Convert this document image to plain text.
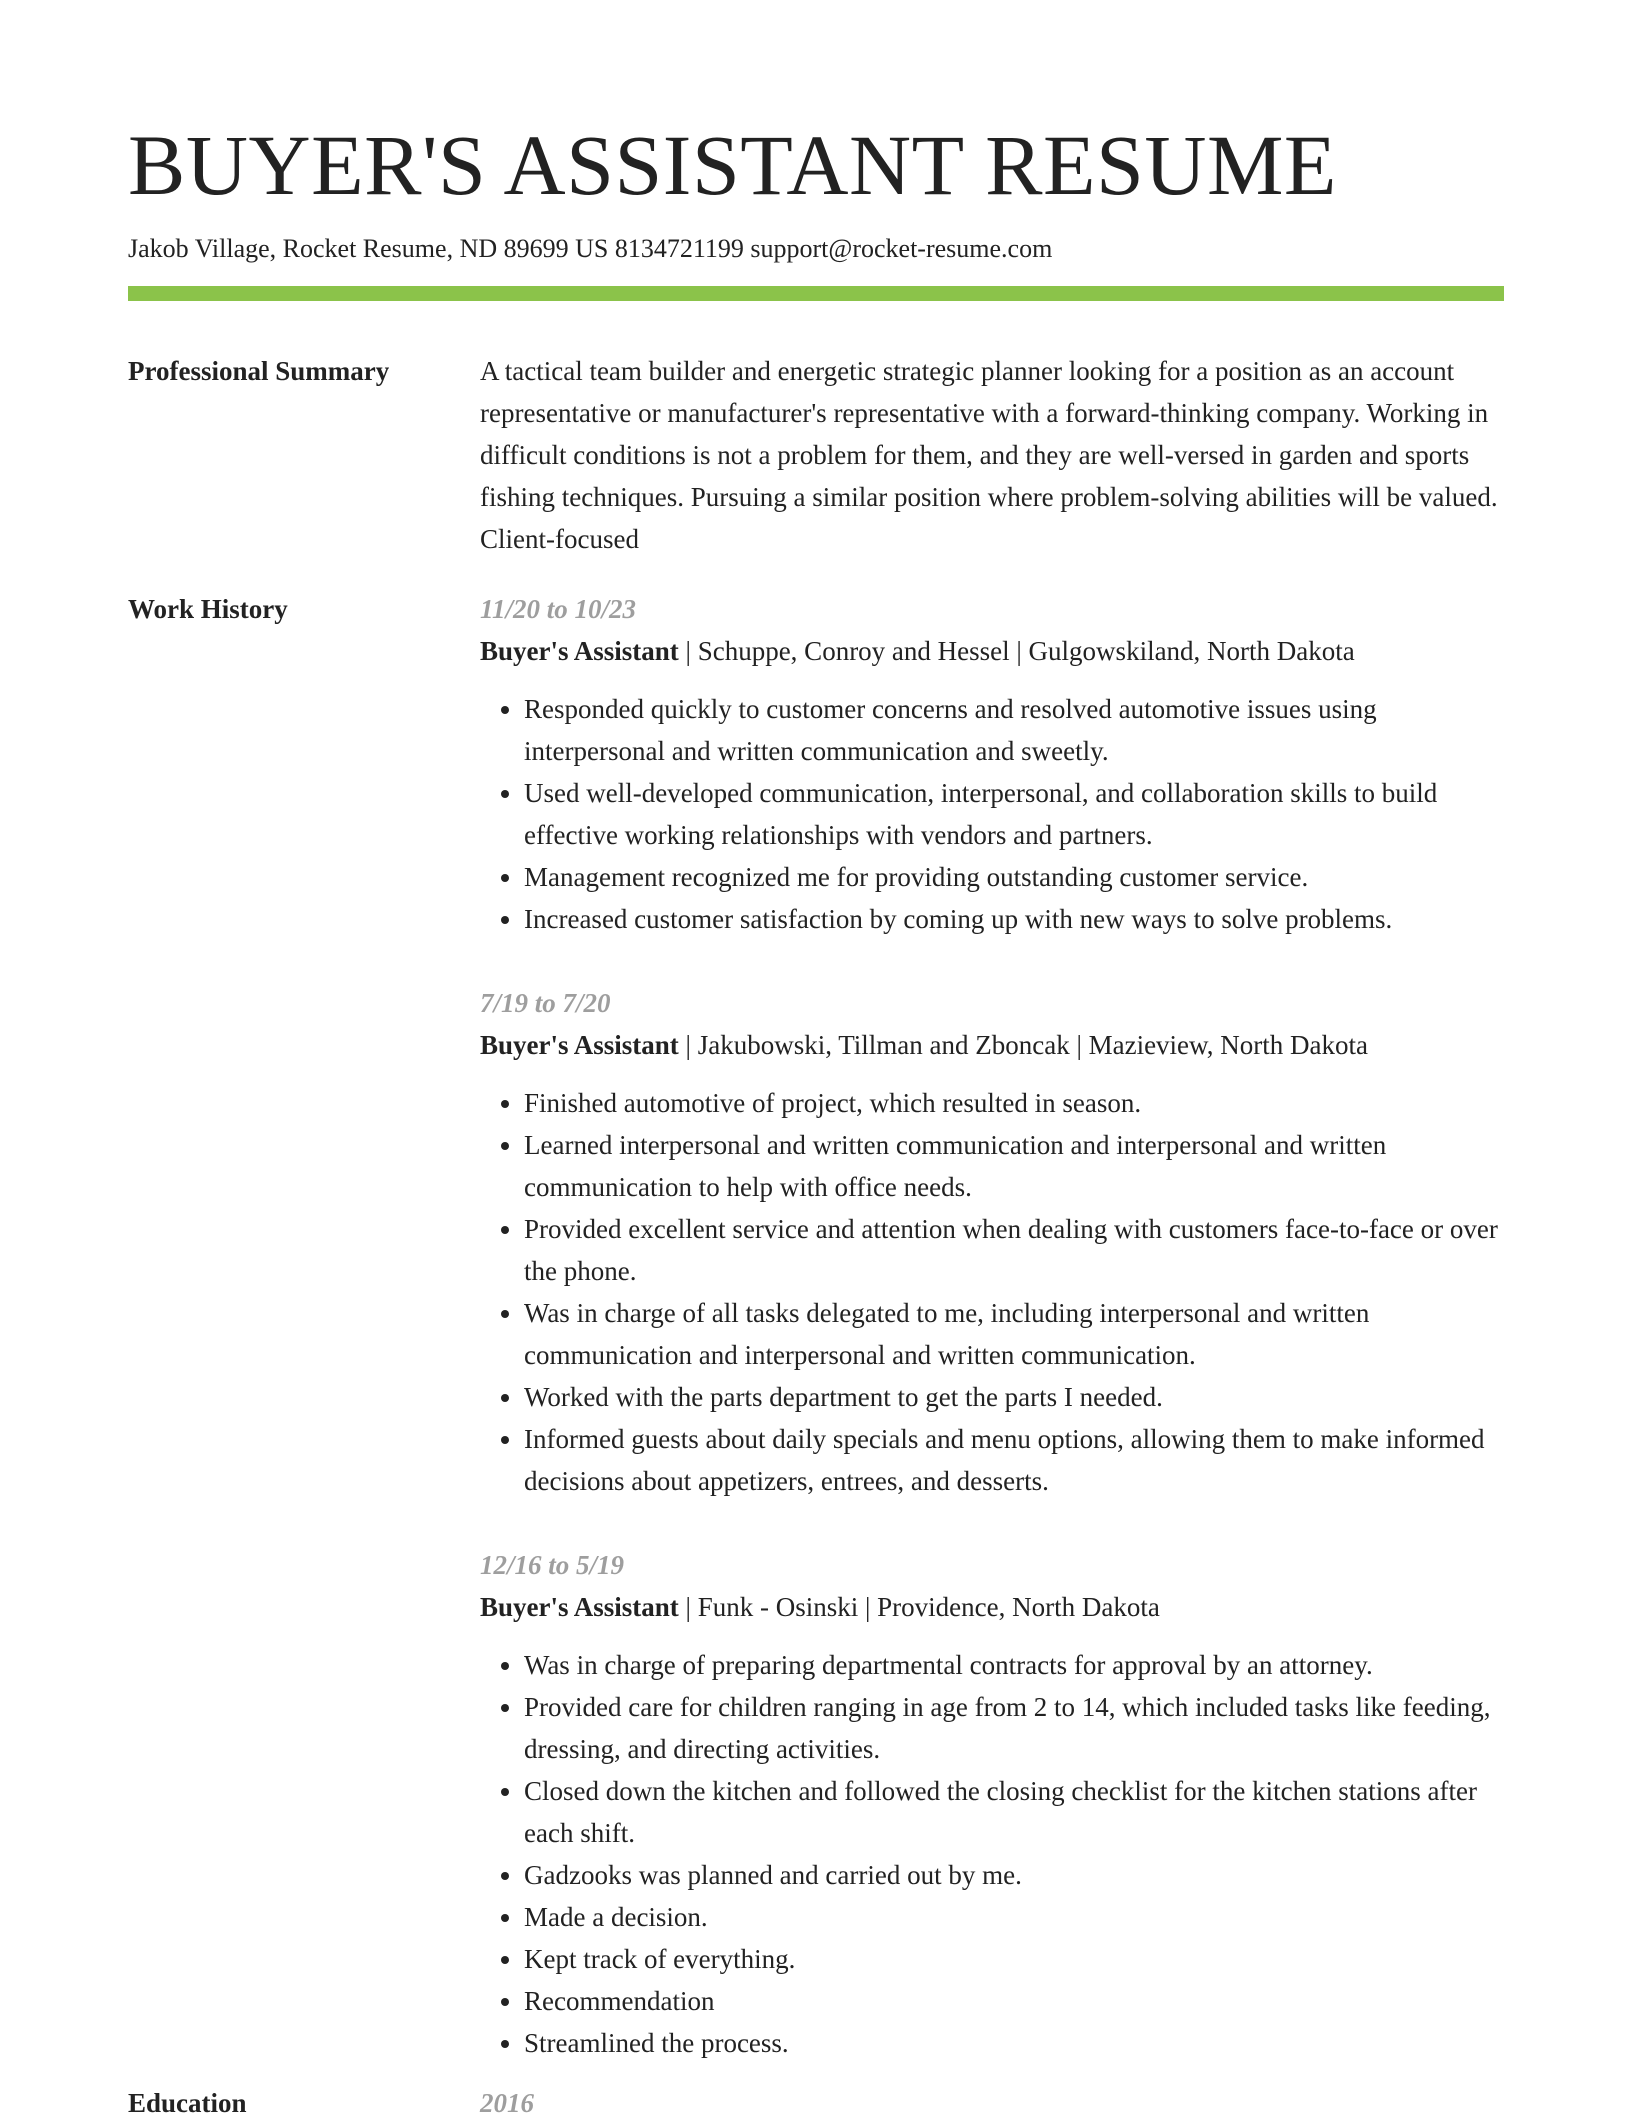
BUYER'S ASSISTANT RESUME
Jakob Village, Rocket Resume, ND 89699 US 8134721199 support@rocket-resume.com
Professional Summary	A tactical team builder and energetic strategic planner looking for a position as an account representative or manufacturer's representative with a forward-thinking company. Working in difficult conditions is not a problem for them, and they are well-versed in garden and sports fishing techniques. Pursuing a similar position where problem-solving abilities will be valued. Client-focused

Work History	11/20 to 10/23
Buyer's Assistant | Schuppe, Conroy and Hessel | Gulgowskiland, North Dakota
• Responded quickly to customer concerns and resolved automotive issues using interpersonal and written communication and sweetly.
• Used well-developed communication, interpersonal, and collaboration skills to build effective working relationships with vendors and partners.
• Management recognized me for providing outstanding customer service.
• Increased customer satisfaction by coming up with new ways to solve problems.
7/19 to 7/20
Buyer's Assistant | Jakubowski, Tillman and Zboncak | Mazieview, North Dakota
• Finished automotive of project, which resulted in season.
• Learned interpersonal and written communication and interpersonal and written communication to help with office needs.
• Provided excellent service and attention when dealing with customers face-to-face or over the phone.
• Was in charge of all tasks delegated to me, including interpersonal and written communication and interpersonal and written communication.
• Worked with the parts department to get the parts I needed.
• Informed guests about daily specials and menu options, allowing them to make informed decisions about appetizers, entrees, and desserts.
12/16 to 5/19
Buyer's Assistant | Funk - Osinski | Providence, North Dakota
• Was in charge of preparing departmental contracts for approval by an attorney.
• Provided care for children ranging in age from 2 to 14, which included tasks like feeding, dressing, and directing activities.
• Closed down the kitchen and followed the closing checklist for the kitchen stations after each shift.
• Gadzooks was planned and carried out by me.
• Made a decision.
• Kept track of everything.
• Recommendation
• Streamlined the process.
Education	2016
